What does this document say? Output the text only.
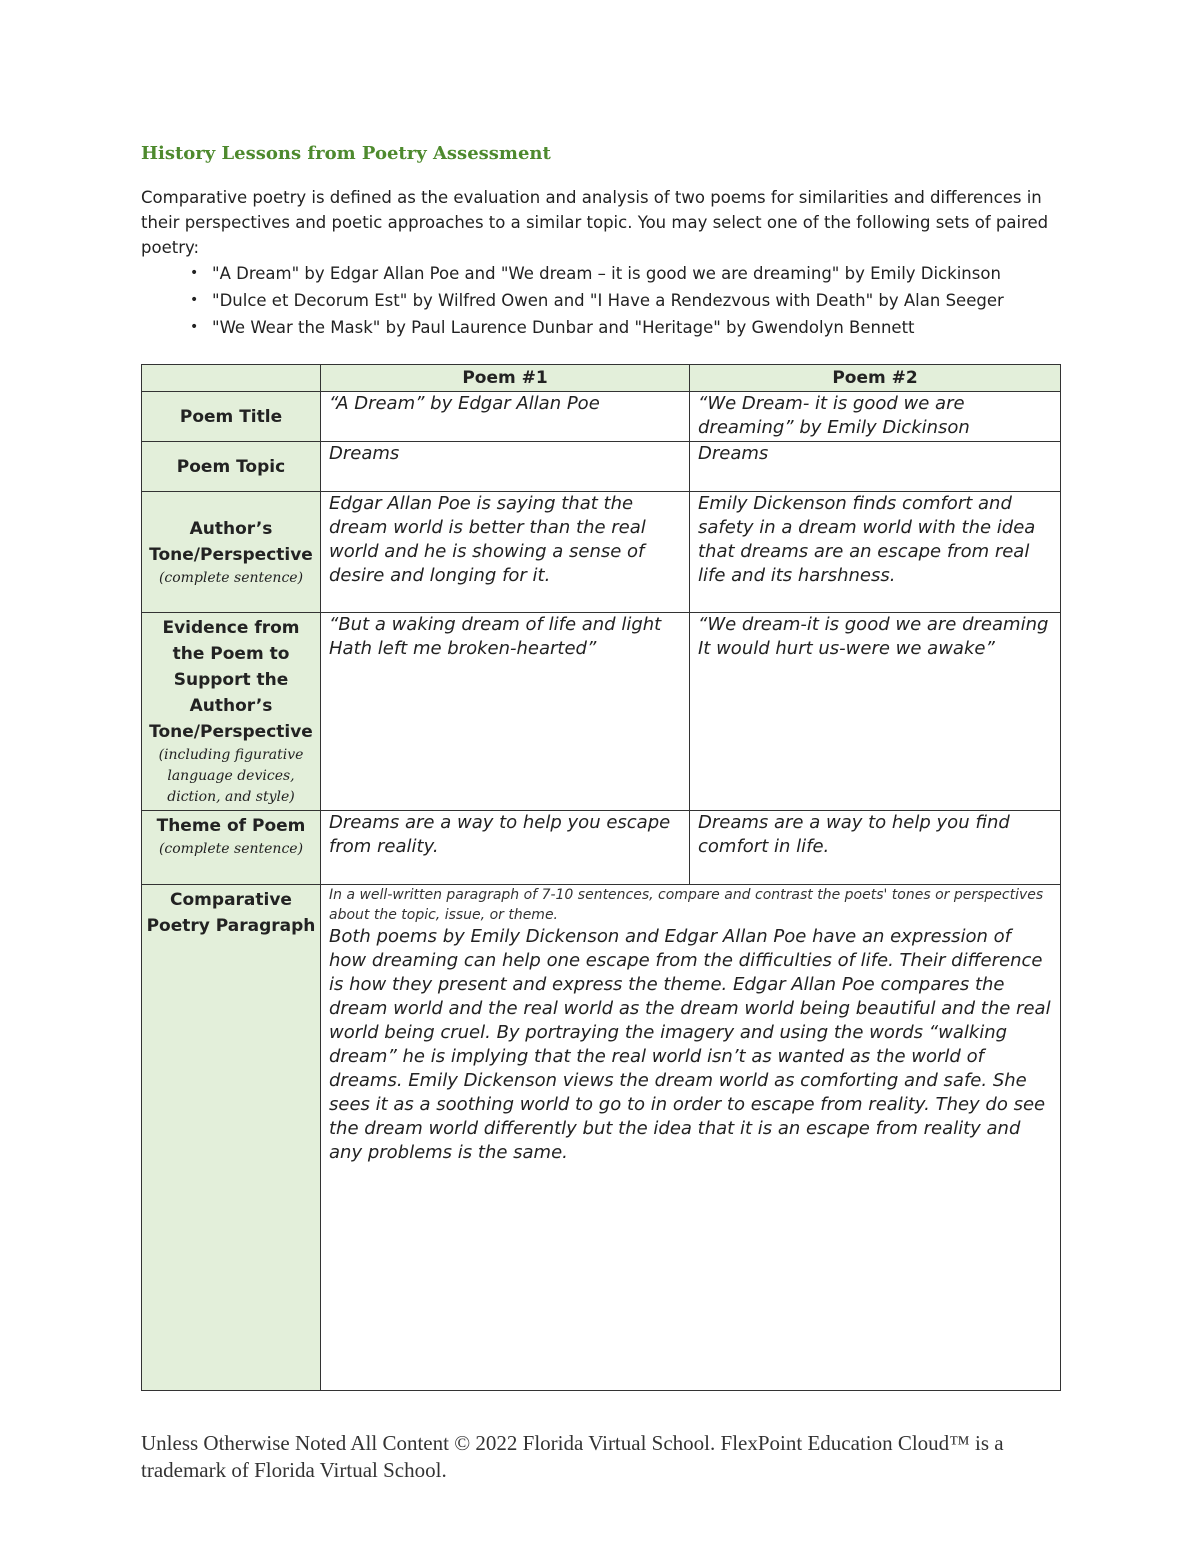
History Lessons from Poetry Assessment

Comparative poetry is defined as the evaluation and analysis of two poems for similarities and differences in their perspectives and poetic approaches to a similar topic. You may select one of the following sets of paired poetry:

• "A Dream" by Edgar Allan Poe and "We dream – it is good we are dreaming" by Emily Dickinson
• "Dulce et Decorum Est" by Wilfred Owen and "I Have a Rendezvous with Death" by Alan Seeger
• "We Wear the Mask" by Paul Laurence Dunbar and "Heritage" by Gwendolyn Bennett
	Poem #1	Poem #2
Poem Title	“A Dream” by Edgar Allan Poe	“We Dream- it is good we are dreaming” by Emily Dickinson
Poem Topic	Dreams	Dreams
Author’s Tone/Perspective
(complete sentence)	Edgar Allan Poe is saying that the dream world is better than the real world and he is showing a sense of desire and longing for it.	Emily Dickenson finds comfort and safety in a dream world with the idea that dreams are an escape from real life and its harshness.
Evidence from the Poem to Support the Author’s Tone/Perspective
(including figurative language devices, diction, and style)	“But a waking dream of life and light
Hath left me broken-hearted”	“We dream-it is good we are dreaming
It would hurt us-were we awake”
Theme of Poem
(complete sentence)	Dreams are a way to help you escape from reality.	Dreams are a way to help you find comfort in life.
Comparative Poetry Paragraph	In a well-written paragraph of 7-10 sentences, compare and contrast the poets' tones or perspectives about the topic, issue, or theme.
Both poems by Emily Dickenson and Edgar Allan Poe have an expression of how dreaming can help one escape from the difficulties of life. Their difference is how they present and express the theme. Edgar Allan Poe compares the dream world and the real world as the dream world being beautiful and the real world being cruel. By portraying the imagery and using the words “walking dream” he is implying that the real world isn’t as wanted as the world of dreams. Emily Dickenson views the dream world as comforting and safe. She sees it as a soothing world to go to in order to escape from reality. They do see the dream world differently but the idea that it is an escape from reality and any problems is the same.	

Unless Otherwise Noted All Content © 2022 Florida Virtual School. FlexPoint Education Cloud™ is a trademark of Florida Virtual School.
